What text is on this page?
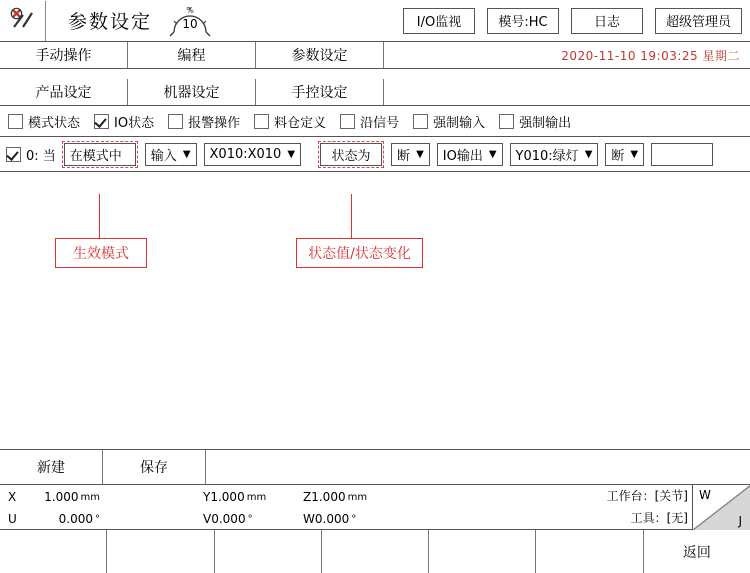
参数设定
%
10	I/O监视	模号:HC	日志	超级管理员
手动操作	编程	参数设定	2020-11-10 19:03:25 星期二
产品设定	机器设定	手控设定
模式状态	IO状态	报警操作	料仓定义	沿信号	强制输入	强制输出
0: 当	在模式中	输入 ▼ X010:X010 ▼	状态为	断 ▼ IO输出 ▼ Y010:绿灯 ▼ 断 ▼
生效模式	状态值/状态变化
新建	保存
X	1.000 mm	Y 1.000 mm	Z 1.000 mm
U	0.000 °	V 0.000 °	W 0.000 °
工作台：[关节]
工具：[无]
W
J
返回
